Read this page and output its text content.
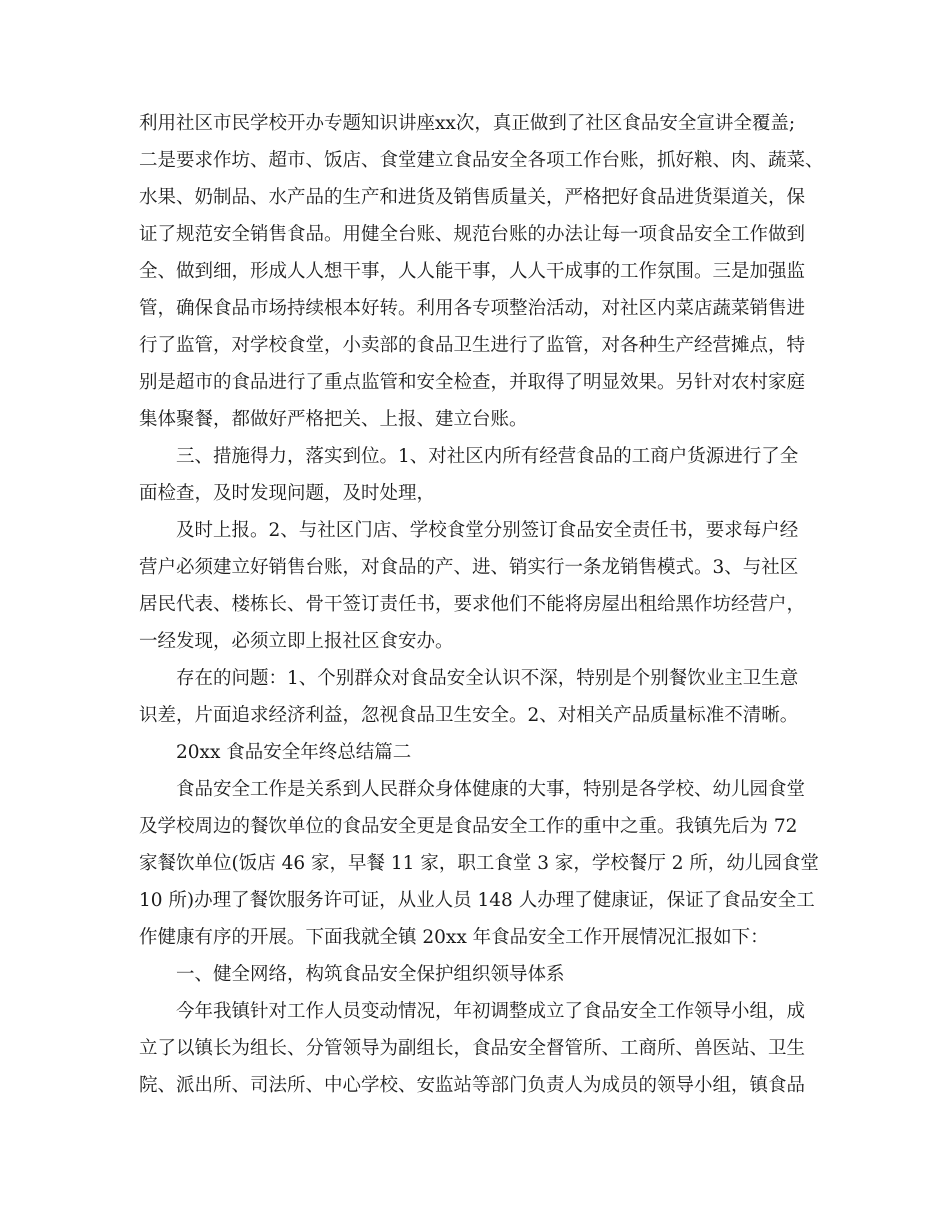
利用社区市民学校开办专题知识讲座xx次，真正做到了社区食品安全宣讲全覆盖;
二是要求作坊、超市、饭店、食堂建立食品安全各项工作台账，抓好粮、肉、蔬菜、
水果、奶制品、水产品的生产和进货及销售质量关，严格把好食品进货渠道关，保
证了规范安全销售食品。用健全台账、规范台账的办法让每一项食品安全工作做到
全、做到细，形成人人想干事，人人能干事，人人干成事的工作氛围。三是加强监
管，确保食品市场持续根本好转。利用各专项整治活动，对社区内菜店蔬菜销售进
行了监管，对学校食堂，小卖部的食品卫生进行了监管，对各种生产经营摊点，特
别是超市的食品进行了重点监管和安全检查，并取得了明显效果。另针对农村家庭
集体聚餐，都做好严格把关、上报、建立台账。
三、措施得力，落实到位。1、对社区内所有经营食品的工商户货源进行了全
面检查，及时发现问题，及时处理，
及时上报。2、与社区门店、学校食堂分别签订食品安全责任书，要求每户经
营户必须建立好销售台账，对食品的产、进、销实行一条龙销售模式。3、与社区
居民代表、楼栋长、骨干签订责任书，要求他们不能将房屋出租给黑作坊经营户，
一经发现，必须立即上报社区食安办。
存在的问题：1、个别群众对食品安全认识不深，特别是个别餐饮业主卫生意
识差，片面追求经济利益，忽视食品卫生安全。2、对相关产品质量标准不清晰。
20xx 食品安全年终总结篇二
食品安全工作是关系到人民群众身体健康的大事，特别是各学校、幼儿园食堂
及学校周边的餐饮单位的食品安全更是食品安全工作的重中之重。我镇先后为 72
家餐饮单位(饭店 46 家，早餐 11 家，职工食堂 3 家，学校餐厅 2 所，幼儿园食堂
10 所)办理了餐饮服务许可证，从业人员 148 人办理了健康证，保证了食品安全工
作健康有序的开展。下面我就全镇 20xx 年食品安全工作开展情况汇报如下：
一、健全网络，构筑食品安全保护组织领导体系
今年我镇针对工作人员变动情况，年初调整成立了食品安全工作领导小组，成
立了以镇长为组长、分管领导为副组长，食品安全督管所、工商所、兽医站、卫生
院、派出所、司法所、中心学校、安监站等部门负责人为成员的领导小组，镇食品
